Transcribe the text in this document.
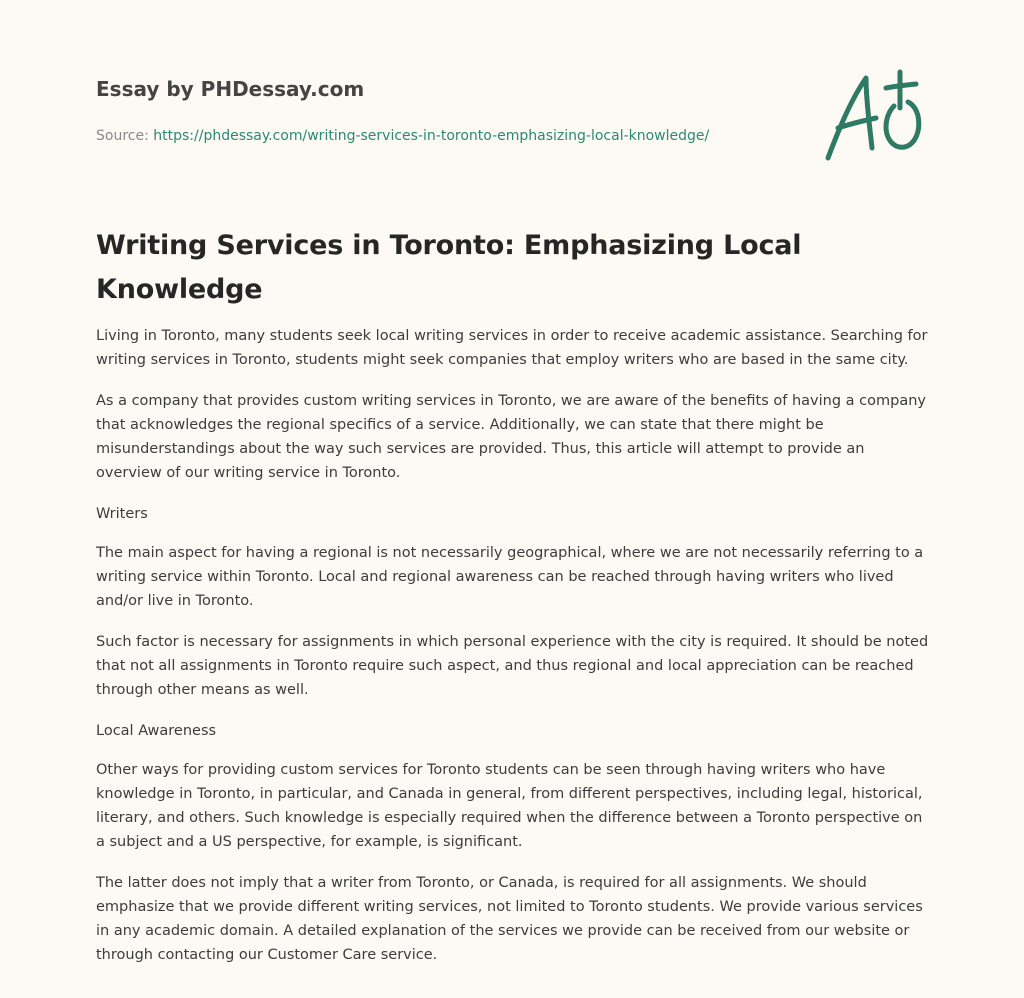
Essay by PHDessay.com
Source: https://phdessay.com/writing-services-in-toronto-emphasizing-local-knowledge/
Writing Services in Toronto: Emphasizing Local Knowledge

Living in Toronto, many students seek local writing services in order to receive academic assistance. Searching for writing services in Toronto, students might seek companies that employ writers who are based in the same city.

As a company that provides custom writing services in Toronto, we are aware of the benefits of having a company that acknowledges the regional specifics of a service. Additionally, we can state that there might be misunderstandings about the way such services are provided. Thus, this article will attempt to provide an overview of our writing service in Toronto.

Writers

The main aspect for having a regional is not necessarily geographical, where we are not necessarily referring to a writing service within Toronto. Local and regional awareness can be reached through having writers who lived and/or live in Toronto.

Such factor is necessary for assignments in which personal experience with the city is required. It should be noted that not all assignments in Toronto require such aspect, and thus regional and local appreciation can be reached through other means as well.

Local Awareness

Other ways for providing custom services for Toronto students can be seen through having writers who have knowledge in Toronto, in particular, and Canada in general, from different perspectives, including legal, historical, literary, and others. Such knowledge is especially required when the difference between a Toronto perspective on a subject and a US perspective, for example, is significant.

The latter does not imply that a writer from Toronto, or Canada, is required for all assignments. We should emphasize that we provide different writing services, not limited to Toronto students. We provide various services in any academic domain. A detailed explanation of the services we provide can be received from our website or through contacting our Customer Care service.
